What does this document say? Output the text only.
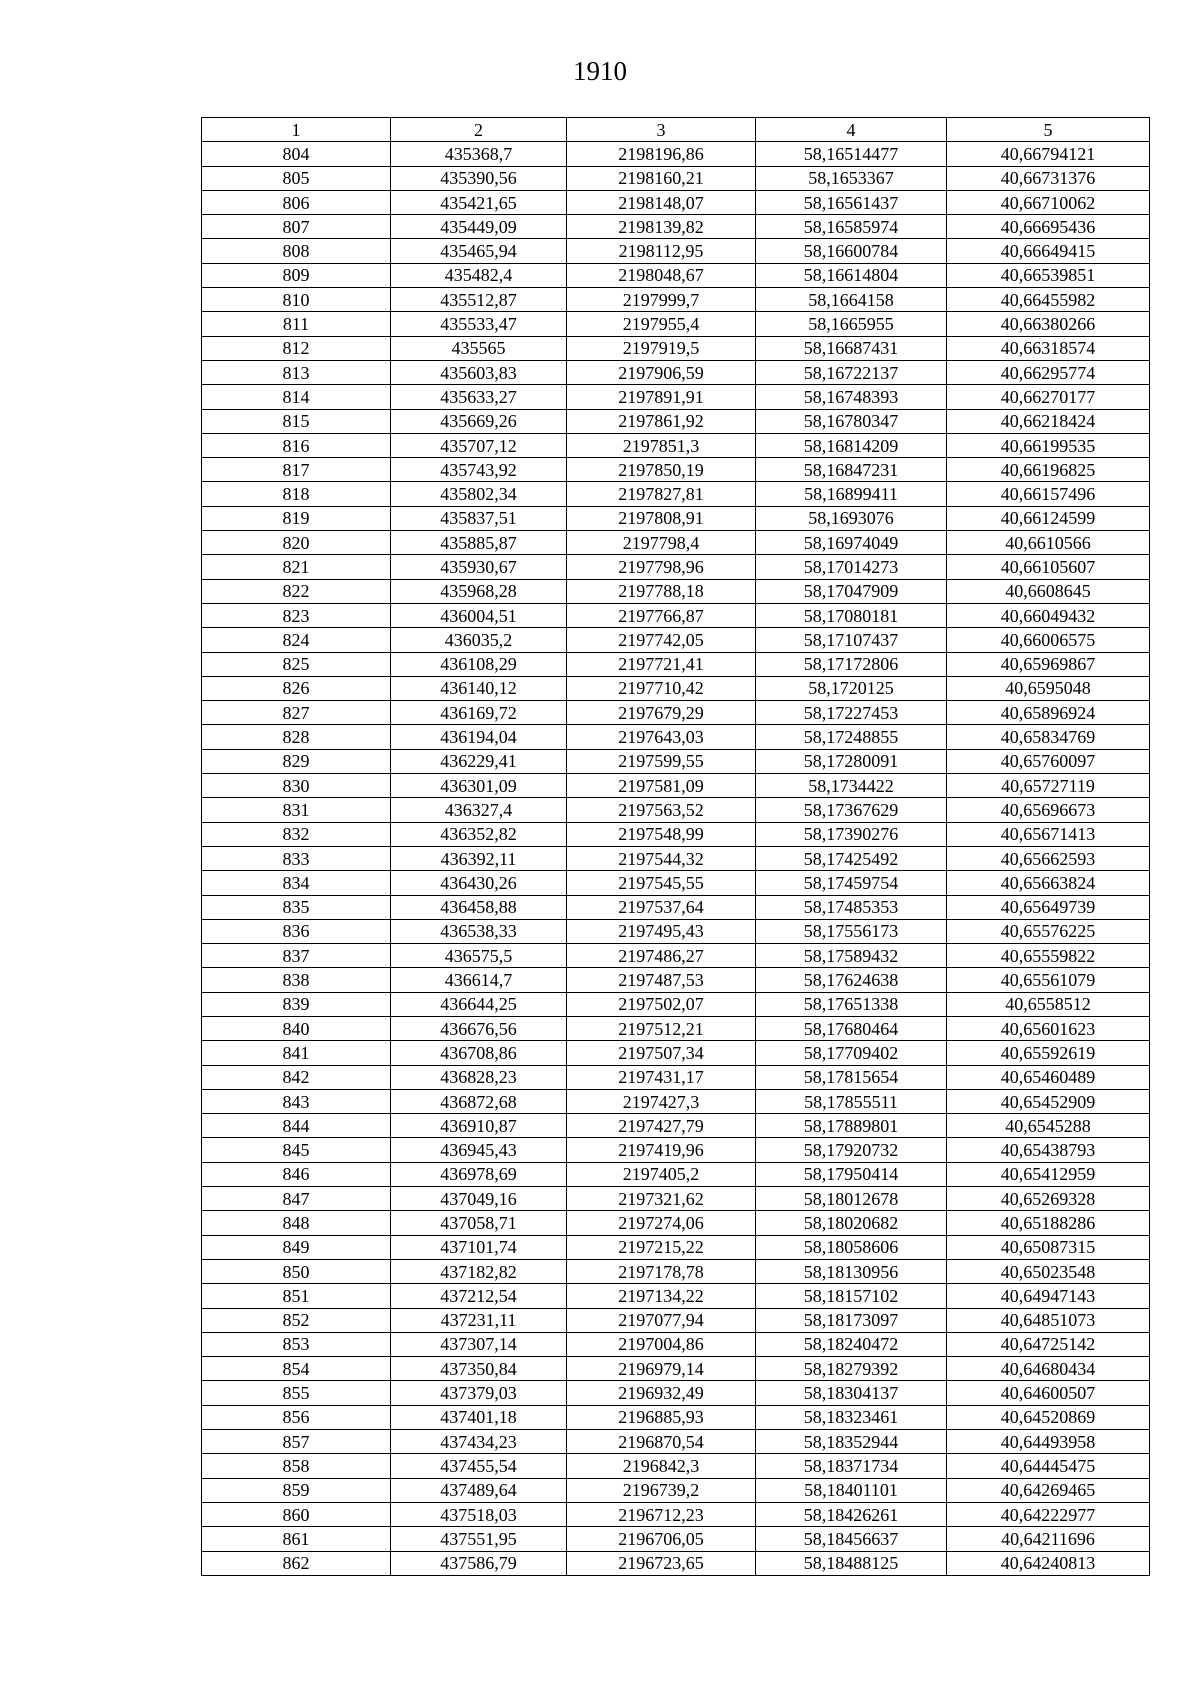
1910
1	2	3	4	5
804	435368,7	2198196,86	58,16514477	40,66794121
805	435390,56	2198160,21	58,1653367	40,66731376
806	435421,65	2198148,07	58,16561437	40,66710062
807	435449,09	2198139,82	58,16585974	40,66695436
808	435465,94	2198112,95	58,16600784	40,66649415
809	435482,4	2198048,67	58,16614804	40,66539851
810	435512,87	2197999,7	58,1664158	40,66455982
811	435533,47	2197955,4	58,1665955	40,66380266
812	435565	2197919,5	58,16687431	40,66318574
813	435603,83	2197906,59	58,16722137	40,66295774
814	435633,27	2197891,91	58,16748393	40,66270177
815	435669,26	2197861,92	58,16780347	40,66218424
816	435707,12	2197851,3	58,16814209	40,66199535
817	435743,92	2197850,19	58,16847231	40,66196825
818	435802,34	2197827,81	58,16899411	40,66157496
819	435837,51	2197808,91	58,1693076	40,66124599
820	435885,87	2197798,4	58,16974049	40,6610566
821	435930,67	2197798,96	58,17014273	40,66105607
822	435968,28	2197788,18	58,17047909	40,6608645
823	436004,51	2197766,87	58,17080181	40,66049432
824	436035,2	2197742,05	58,17107437	40,66006575
825	436108,29	2197721,41	58,17172806	40,65969867
826	436140,12	2197710,42	58,1720125	40,6595048
827	436169,72	2197679,29	58,17227453	40,65896924
828	436194,04	2197643,03	58,17248855	40,65834769
829	436229,41	2197599,55	58,17280091	40,65760097
830	436301,09	2197581,09	58,1734422	40,65727119
831	436327,4	2197563,52	58,17367629	40,65696673
832	436352,82	2197548,99	58,17390276	40,65671413
833	436392,11	2197544,32	58,17425492	40,65662593
834	436430,26	2197545,55	58,17459754	40,65663824
835	436458,88	2197537,64	58,17485353	40,65649739
836	436538,33	2197495,43	58,17556173	40,65576225
837	436575,5	2197486,27	58,17589432	40,65559822
838	436614,7	2197487,53	58,17624638	40,65561079
839	436644,25	2197502,07	58,17651338	40,6558512
840	436676,56	2197512,21	58,17680464	40,65601623
841	436708,86	2197507,34	58,17709402	40,65592619
842	436828,23	2197431,17	58,17815654	40,65460489
843	436872,68	2197427,3	58,17855511	40,65452909
844	436910,87	2197427,79	58,17889801	40,6545288
845	436945,43	2197419,96	58,17920732	40,65438793
846	436978,69	2197405,2	58,17950414	40,65412959
847	437049,16	2197321,62	58,18012678	40,65269328
848	437058,71	2197274,06	58,18020682	40,65188286
849	437101,74	2197215,22	58,18058606	40,65087315
850	437182,82	2197178,78	58,18130956	40,65023548
851	437212,54	2197134,22	58,18157102	40,64947143
852	437231,11	2197077,94	58,18173097	40,64851073
853	437307,14	2197004,86	58,18240472	40,64725142
854	437350,84	2196979,14	58,18279392	40,64680434
855	437379,03	2196932,49	58,18304137	40,64600507
856	437401,18	2196885,93	58,18323461	40,64520869
857	437434,23	2196870,54	58,18352944	40,64493958
858	437455,54	2196842,3	58,18371734	40,64445475
859	437489,64	2196739,2	58,18401101	40,64269465
860	437518,03	2196712,23	58,18426261	40,64222977
861	437551,95	2196706,05	58,18456637	40,64211696
862	437586,79	2196723,65	58,18488125	40,64240813
